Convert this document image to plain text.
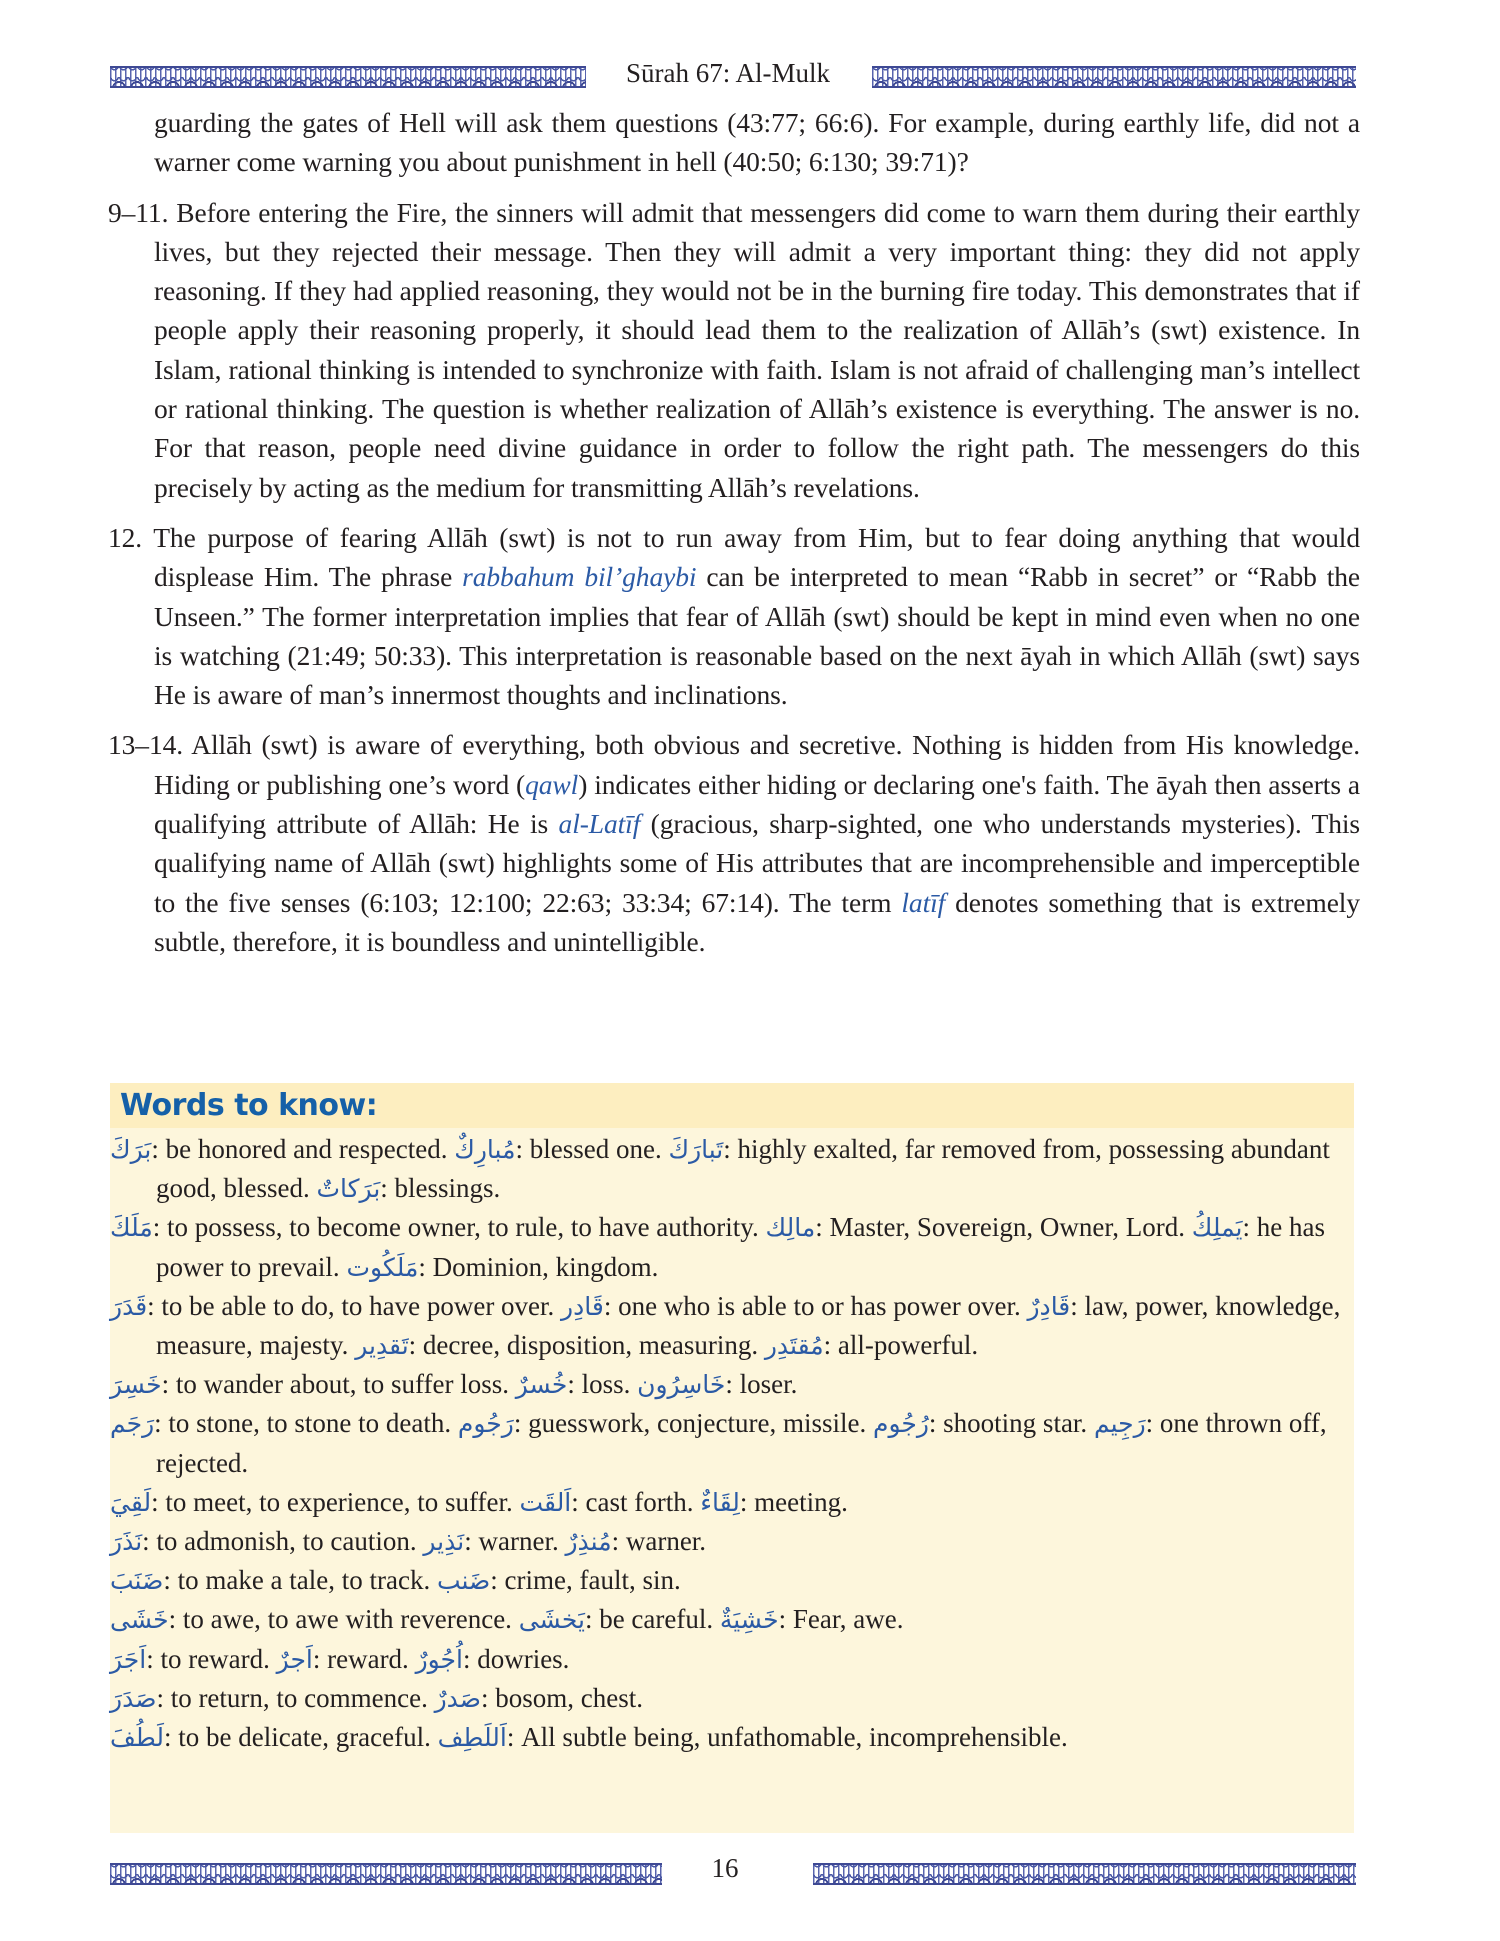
Sūrah 67: Al-Mulk

guarding the gates of Hell will ask them questions (43:77; 66:6). For example, during earthly life, did not a warner come warning you about punishment in hell (40:50; 6:130; 39:71)?

9–11. Before entering the Fire, the sinners will admit that messengers did come to warn them during their earthly lives, but they rejected their message. Then they will admit a very important thing: they did not apply reasoning. If they had applied reasoning, they would not be in the burning fire today. This demonstrates that if people apply their reasoning properly, it should lead them to the realization of Allāh’s (swt) existence. In Islam, rational thinking is intended to synchronize with faith. Islam is not afraid of challenging man’s intellect or rational thinking. The question is whether realization of Allāh’s existence is everything. The answer is no. For that reason, people need divine guidance in order to follow the right path. The messengers do this precisely by acting as the medium for transmitting Allāh’s revelations.

12. The purpose of fearing Allāh (swt) is not to run away from Him, but to fear doing anything that would displease Him. The phrase rabbahum bil’ghaybi can be interpreted to mean “Rabb in secret” or “Rabb the Unseen.” The former interpretation implies that fear of Allāh (swt) should be kept in mind even when no one is watching (21:49; 50:33). This interpretation is reasonable based on the next āyah in which Allāh (swt) says He is aware of man’s innermost thoughts and inclinations.

13–14. Allāh (swt) is aware of everything, both obvious and secretive. Nothing is hidden from His knowledge. Hiding or publishing one’s word (qawl) indicates either hiding or declaring one's faith. The āyah then asserts a qualifying attribute of Allāh: He is al-Latīf (gracious, sharp-sighted, one who understands mysteries). This qualifying name of Allāh (swt) highlights some of His attributes that are incomprehensible and imperceptible to the five senses (6:103; 12:100; 22:63; 33:34; 67:14). The term latīf denotes something that is extremely subtle, therefore, it is boundless and unintelligible.

Words to know:

بَرَكَ: be honored and respected. مُبارِكٌ: blessed one. تَبارَكَ: highly exalted, far removed from, possessing abundant good, blessed. بَرَكاتٌ: blessings.

مَلَكَ: to possess, to become owner, to rule, to have authority. مالِك: Master, Sovereign, Owner, Lord. يَملِكُ: he has power to prevail. مَلَكُوت: Dominion, kingdom.

قَدَرَ: to be able to do, to have power over. قَادِر: one who is able to or has power over. قَادِرٌ: law, power, knowledge, measure, majesty. تَقدِير: decree, disposition, measuring. مُقتَدِر: all-powerful.

خَسِرَ: to wander about, to suffer loss. خُسرٌ: loss. خَاسِرُون: loser.

رَجَم: to stone, to stone to death. رَجُوم: guesswork, conjecture, missile. رُجُوم: shooting star. رَجِيم: one thrown off, rejected.

لَقِيَ: to meet, to experience, to suffer. اَلقَت: cast forth. لِقَاءٌ: meeting.

نَذَرَ: to admonish, to caution. نَذِير: warner. مُنذِرٌ: warner.

ضَنَبَ: to make a tale, to track. ضَنب: crime, fault, sin.

خَشَى: to awe, to awe with reverence. يَخشَى: be careful. خَشِيَةٌ: Fear, awe.

اَجَرَ: to reward. اَجرٌ: reward. اُجُورٌ: dowries.

صَدَرَ: to return, to commence. صَدرٌ: bosom, chest.

لَطُفَ: to be delicate, graceful. اَللَطِف: All subtle being, unfathomable, incomprehensible.

16
